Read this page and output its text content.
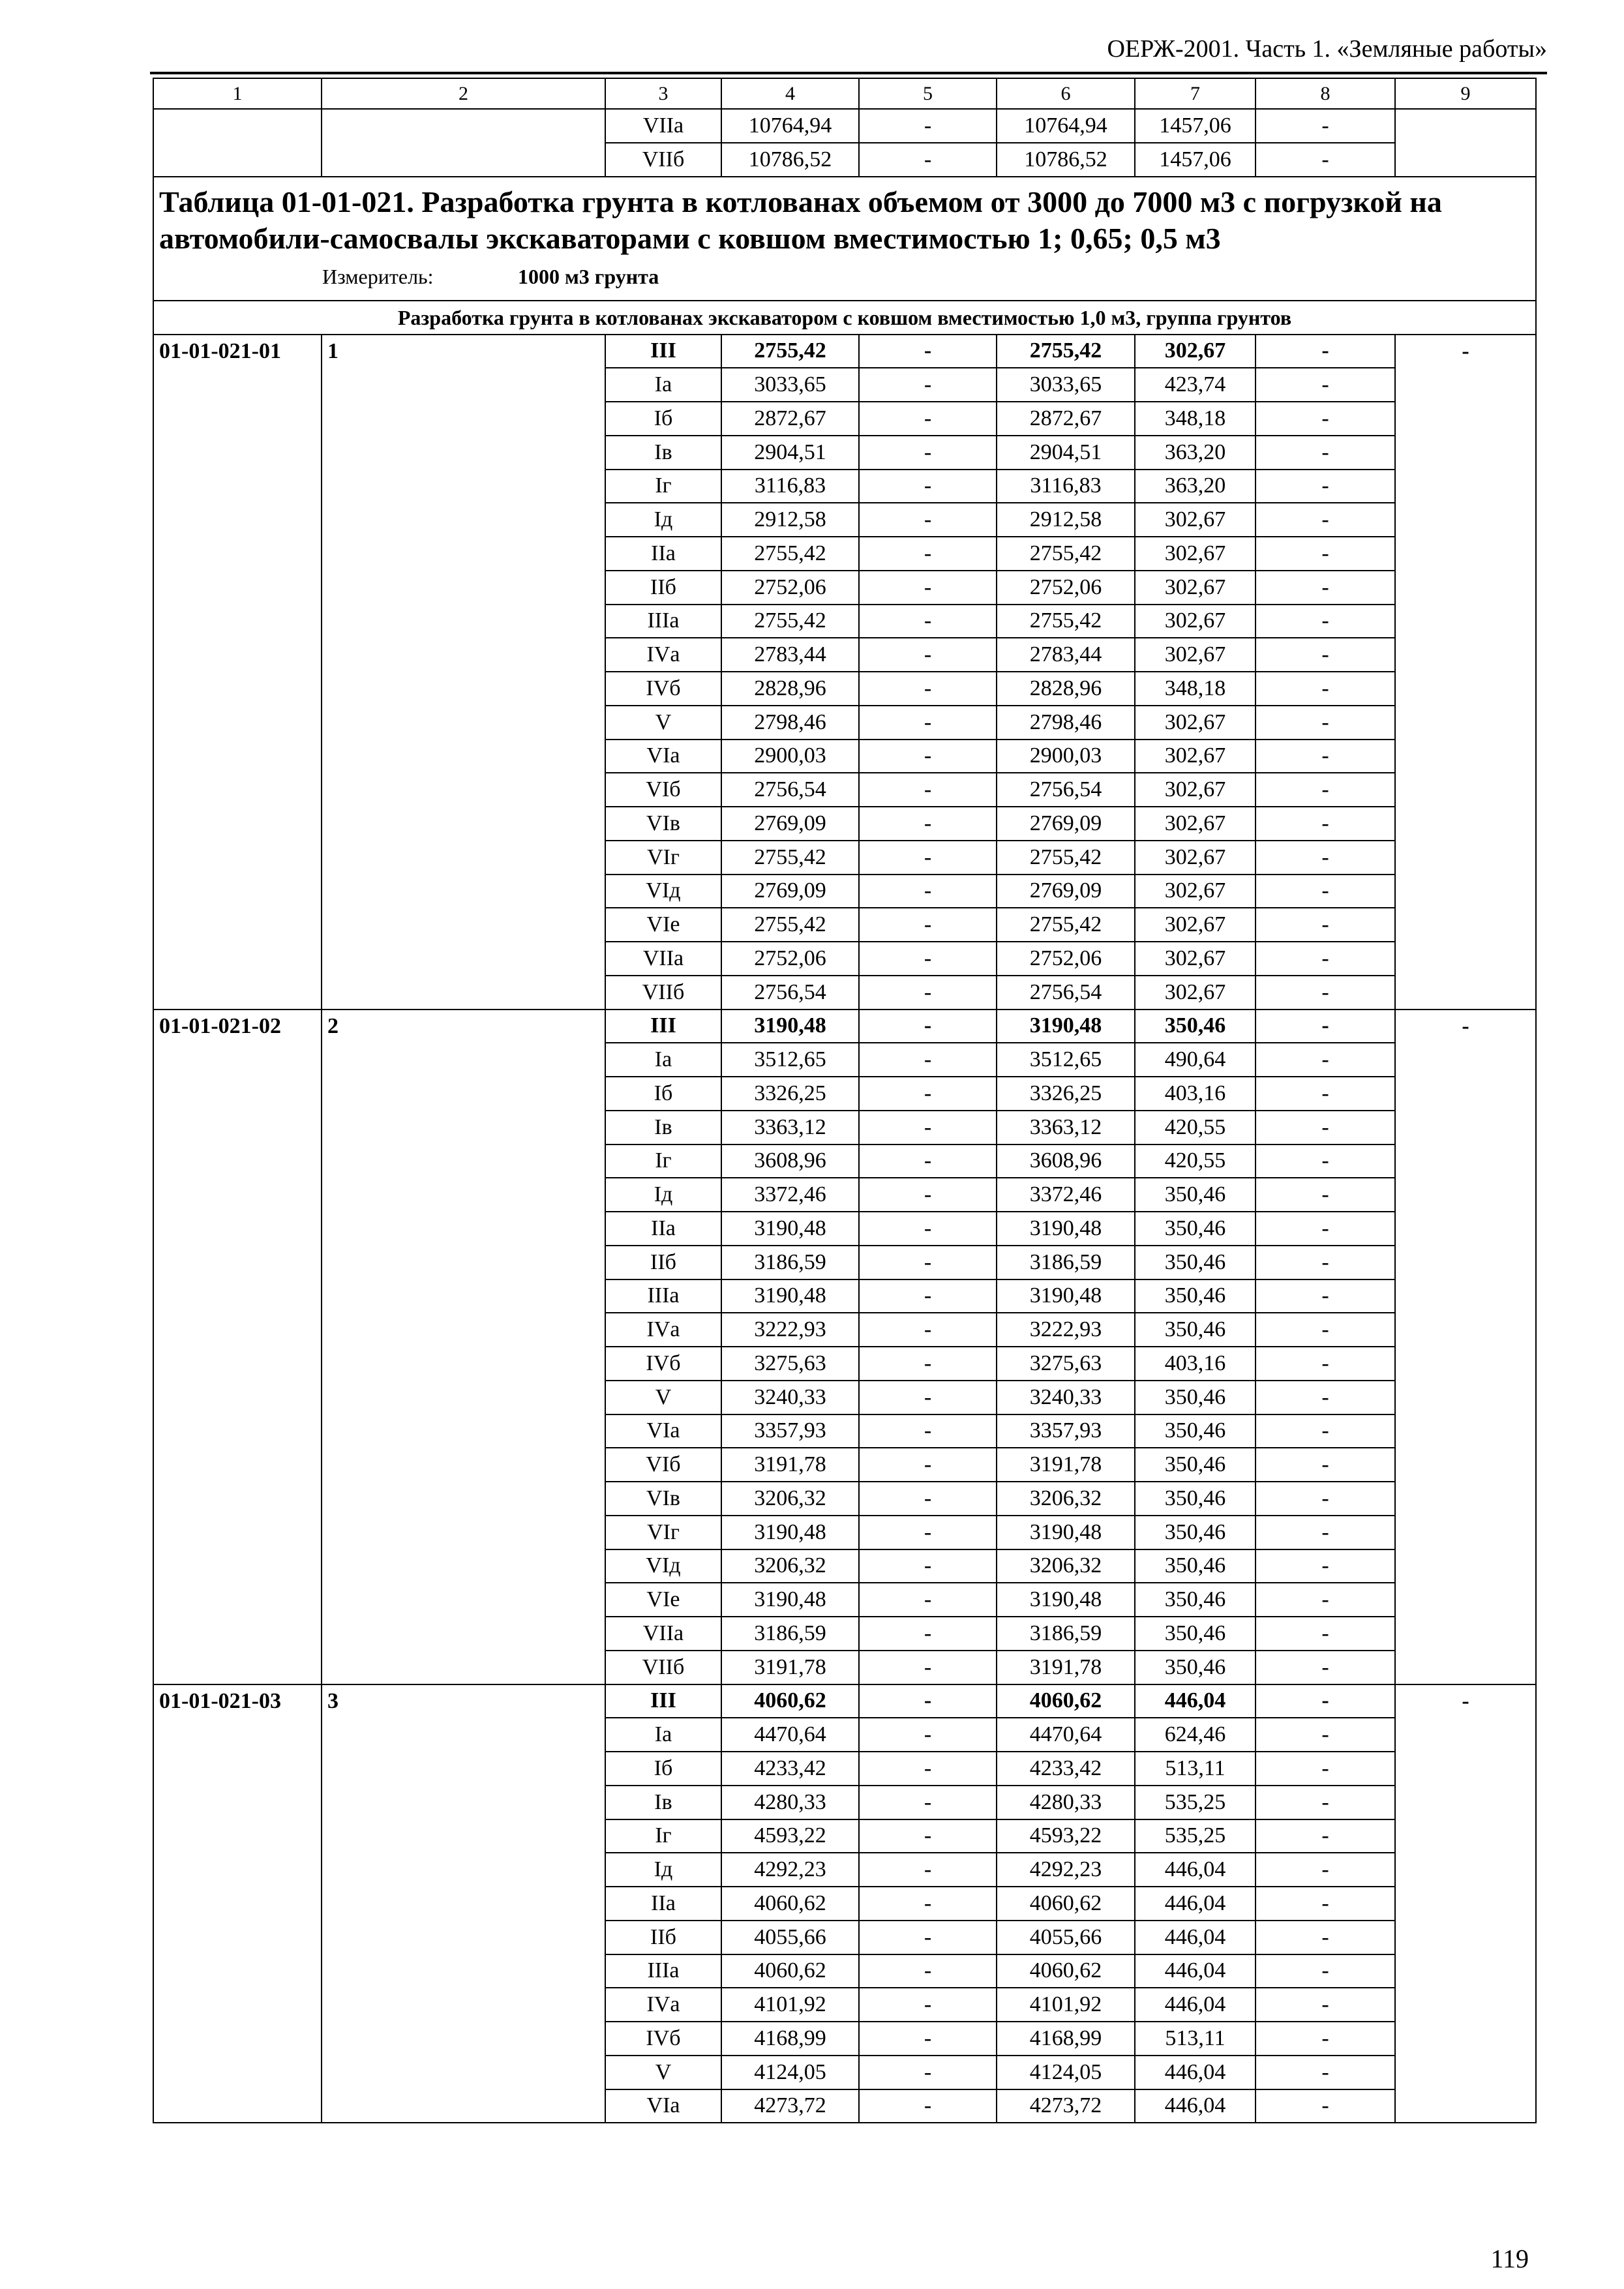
ОЕРЖ-2001. Часть 1. «Земляные работы»
1	2	3	4	5	6	7	8	9
		VIIа	10764,94	-	10764,94	1457,06	-	
		VIIб	10786,52	-	10786,52	1457,06	-	

Таблица 01-01-021. Разработка грунта в котлованах объемом от 3000 до 7000 м3 с погрузкой на автомобили-самосвалы экскаваторами с ковшом вместимостью 1; 0,65; 0,5 м3
Измеритель: 1000 м3 грунта								

Разработка грунта в котлованах экскаватором с ковшом вместимостью 1,0 м3, группа грунтов								
01-01-021-01	1	III	2755,42	-	2755,42	302,67	-	-
		Iа	3033,65	-	3033,65	423,74	-	
		Iб	2872,67	-	2872,67	348,18	-	
		Iв	2904,51	-	2904,51	363,20	-	
		Iг	3116,83	-	3116,83	363,20	-	
		Iд	2912,58	-	2912,58	302,67	-	
		IIа	2755,42	-	2755,42	302,67	-	
		IIб	2752,06	-	2752,06	302,67	-	
		IIIа	2755,42	-	2755,42	302,67	-	
		IVа	2783,44	-	2783,44	302,67	-	
		IVб	2828,96	-	2828,96	348,18	-	
		V	2798,46	-	2798,46	302,67	-	
		VIа	2900,03	-	2900,03	302,67	-	
		VIб	2756,54	-	2756,54	302,67	-	
		VIв	2769,09	-	2769,09	302,67	-	
		VIг	2755,42	-	2755,42	302,67	-	
		VIд	2769,09	-	2769,09	302,67	-	
		VIе	2755,42	-	2755,42	302,67	-	
		VIIа	2752,06	-	2752,06	302,67	-	
		VIIб	2756,54	-	2756,54	302,67	-	
01-01-021-02	2	III	3190,48	-	3190,48	350,46	-	-
		Iа	3512,65	-	3512,65	490,64	-	
		Iб	3326,25	-	3326,25	403,16	-	
		Iв	3363,12	-	3363,12	420,55	-	
		Iг	3608,96	-	3608,96	420,55	-	
		Iд	3372,46	-	3372,46	350,46	-	
		IIа	3190,48	-	3190,48	350,46	-	
		IIб	3186,59	-	3186,59	350,46	-	
		IIIа	3190,48	-	3190,48	350,46	-	
		IVа	3222,93	-	3222,93	350,46	-	
		IVб	3275,63	-	3275,63	403,16	-	
		V	3240,33	-	3240,33	350,46	-	
		VIа	3357,93	-	3357,93	350,46	-	
		VIб	3191,78	-	3191,78	350,46	-	
		VIв	3206,32	-	3206,32	350,46	-	
		VIг	3190,48	-	3190,48	350,46	-	
		VIд	3206,32	-	3206,32	350,46	-	
		VIе	3190,48	-	3190,48	350,46	-	
		VIIа	3186,59	-	3186,59	350,46	-	
		VIIб	3191,78	-	3191,78	350,46	-	
01-01-021-03	3	III	4060,62	-	4060,62	446,04	-	-
		Iа	4470,64	-	4470,64	624,46	-	
		Iб	4233,42	-	4233,42	513,11	-	
		Iв	4280,33	-	4280,33	535,25	-	
		Iг	4593,22	-	4593,22	535,25	-	
		Iд	4292,23	-	4292,23	446,04	-	
		IIа	4060,62	-	4060,62	446,04	-	
		IIб	4055,66	-	4055,66	446,04	-	
		IIIа	4060,62	-	4060,62	446,04	-	
		IVа	4101,92	-	4101,92	446,04	-	
		IVб	4168,99	-	4168,99	513,11	-	
		V	4124,05	-	4124,05	446,04	-	
		VIа	4273,72	-	4273,72	446,04	-	
119
